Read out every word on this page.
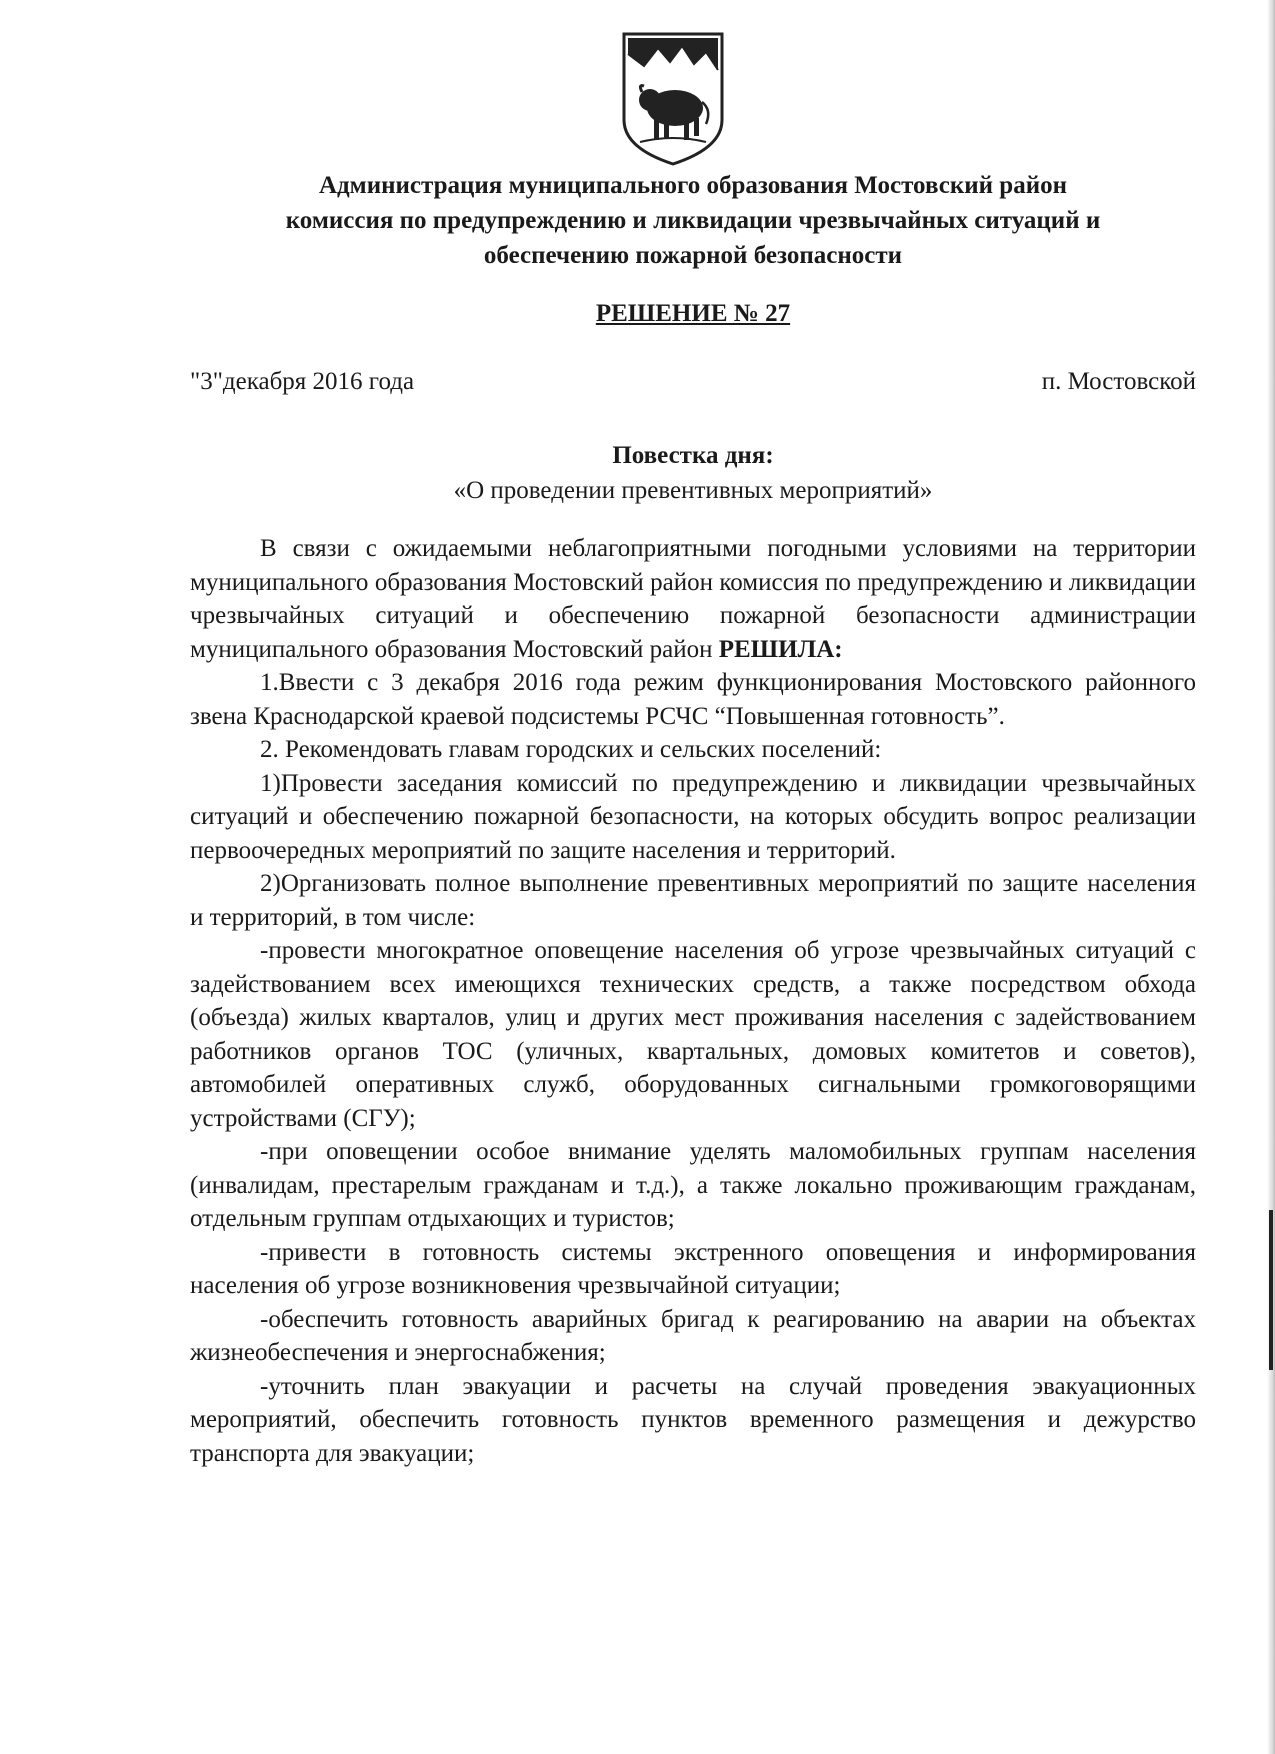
Администрация муниципального образования Мостовский район
комиссия по предупреждению и ликвидации чрезвычайных ситуаций и
обеспечению пожарной безопасности
РЕШЕНИЕ № 27
"3"декабря 2016 года	п. Мостовской
Повестка дня:
«О проведении превентивных мероприятий»

В связи с ожидаемыми неблагоприятными погодными условиями на территории муниципального образования Мостовский район комиссия по предупреждению и ликвидации чрезвычайных ситуаций и обеспечению пожарной безопасности администрации муниципального образования Мостовский район РЕШИЛА:

1.Ввести с 3 декабря 2016 года режим функционирования Мостовского районного звена Краснодарской краевой подсистемы РСЧС “Повышенная готовность”.

2. Рекомендовать главам городских и сельских поселений:

1)Провести заседания комиссий по предупреждению и ликвидации чрезвычайных ситуаций и обеспечению пожарной безопасности, на которых обсудить вопрос реализации первоочередных мероприятий по защите населения и территорий.

2)Организовать полное выполнение превентивных мероприятий по защите населения и территорий, в том числе:

-провести многократное оповещение населения об угрозе чрезвычайных ситуаций с задействованием всех имеющихся технических средств, а также посредством обхода (объезда) жилых кварталов, улиц и других мест проживания населения с задействованием работников органов ТОС (уличных, квартальных, домовых комитетов и советов), автомобилей оперативных служб, оборудованных сигнальными громкоговорящими устройствами (СГУ);

-при оповещении особое внимание уделять маломобильных группам населения (инвалидам, престарелым гражданам и т.д.), а также локально проживающим гражданам, отдельным группам отдыхающих и туристов;

-привести в готовность системы экстренного оповещения и информирования населения об угрозе возникновения чрезвычайной ситуации;

-обеспечить готовность аварийных бригад к реагированию на аварии на объектах жизнеобеспечения и энергоснабжения;

-уточнить план эвакуации и расчеты на случай проведения эвакуационных мероприятий, обеспечить готовность пунктов временного размещения и дежурство транспорта для эвакуации;
